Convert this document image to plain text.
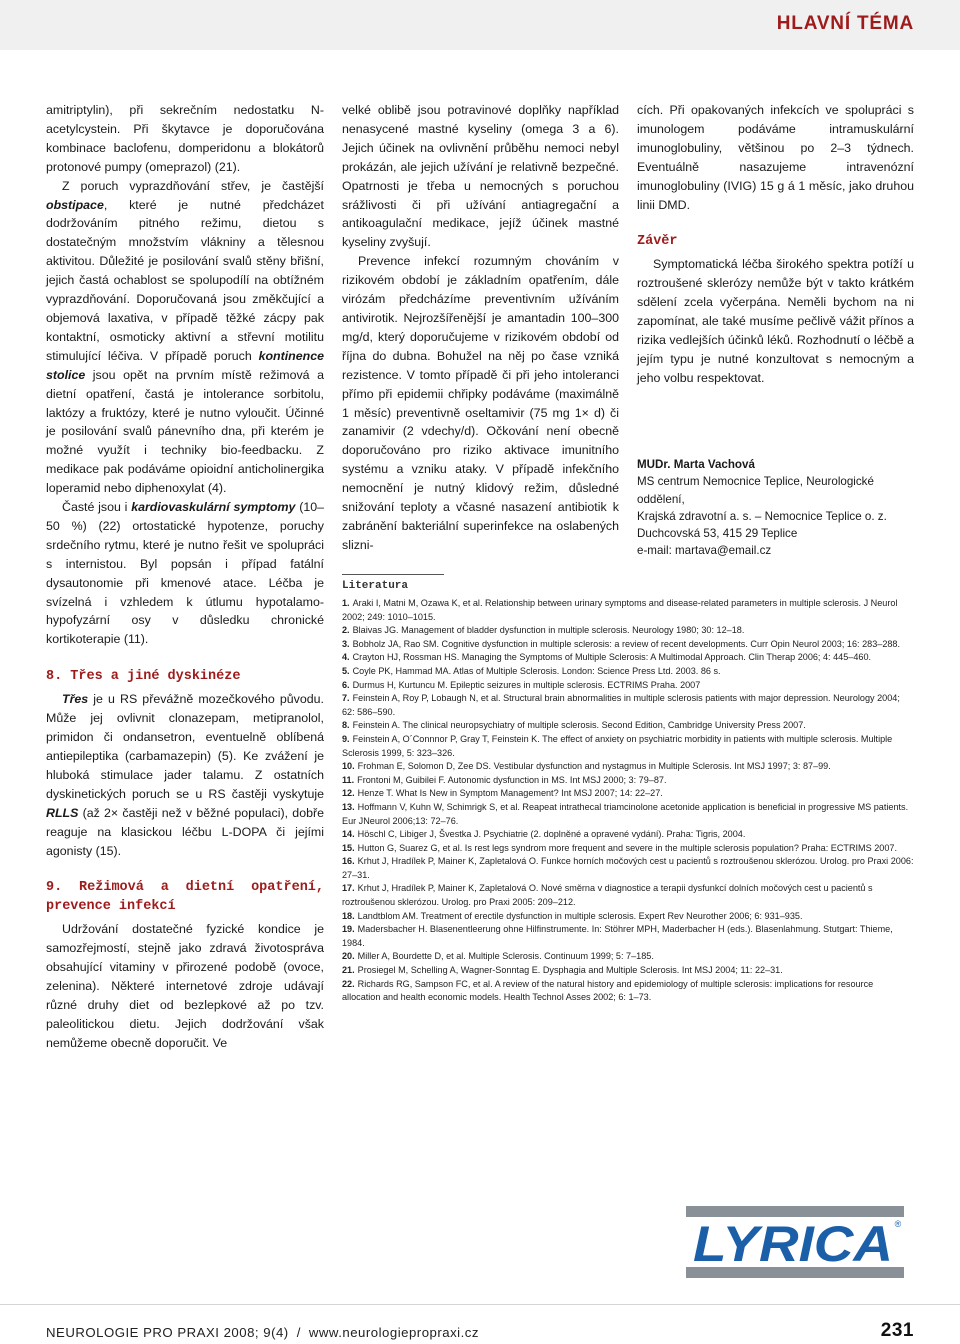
HLAVNÍ TÉMA

amitriptylin), při sekrečním nedostatku N-acetylcystein. Při škytavce je doporučována kombinace baclofenu, domperidonu a blokátorů protonové pumpy (omeprazol) (21).

Z poruch vyprazdňování střev, je častější obstipace, které je nutné předcházet dodržováním pitného režimu, dietou s dostatečným množstvím vlákniny a tělesnou aktivitou. Důležité je posilování svalů stěny břišní, jejich častá ochablost se spolupodílí na obtížném vyprazdňování. Doporučovaná jsou změkčující a objemová laxativa, v případě těžké zácpy pak kontaktní, osmoticky aktivní a střevní motilitu stimulující léčiva. V případě poruch kontinence stolice jsou opět na prvním místě režimová a dietní opatření, častá je intolerance sorbitolu, laktózy a fruktózy, které je nutno vyloučit. Účinné je posilování svalů pánevního dna, při kterém je možné využít i techniky bio-feedbacku. Z medikace pak podáváme opioidní anticholinergika loperamid nebo diphenoxylat (4).

Časté jsou i kardiovaskulární symptomy (10–50 %) (22) ortostatické hypotenze, poruchy srdečního rytmu, které je nutno řešit ve spolupráci s internistou. Byl popsán i případ fatální dysautonomie při kmenové atace. Léčba je svízelná i vzhledem k útlumu hypotalamo-hypofyzární osy v důsledku chronické kortikoterapie (11).

8. Třes a jiné dyskinéze

Třes je u RS převážně mozečkového původu. Může jej ovlivnit clonazepam, metipranolol, primidon či ondansetron, eventuelně oblíbená antiepileptika (carbamazepin) (5). Ke zvážení je hluboká stimulace jader talamu. Z ostatních dyskinetických poruch se u RS častěji vyskytuje RLLS (až 2× častěji než v běžné populaci), dobře reaguje na klasickou léčbu L-DOPA či jejími agonisty (15).

9. Režimová a dietní opatření, prevence infekcí

Udržování dostatečné fyzické kondice je samozřejmostí, stejně jako zdravá životospráva obsahující vitaminy v přirozené podobě (ovoce, zelenina). Některé internetové zdroje udávají různé druhy diet od bezlepkové až po tzv. paleolitickou dietu. Jejich dodržování však nemůžeme obecně doporučit. Ve

velké oblibě jsou potravinové doplňky například nenasycené mastné kyseliny (omega 3 a 6). Jejich účinek na ovlivnění průběhu nemoci nebyl prokázán, ale jejich užívání je relativně bezpečné. Opatrnosti je třeba u nemocných s poruchou srážlivosti či při užívání antiagregační a antikoagulační medikace, jejíž účinek mastné kyseliny zvyšují.

Prevence infekcí rozumným chováním v rizikovém období je základním opatřením, dále virózám předcházíme preventivním užíváním antivirotik. Nejrozšířenější je amantadin 100–300 mg/d, který doporučujeme v rizikovém období od října do dubna. Bohužel na něj po čase vzniká rezistence. V tomto případě či při jeho intoleranci přímo při epidemii chřipky podáváme (maximálně 1 měsíc) preventivně oseltamivir (75 mg 1× d) či zanamivir (2 vdechy/d). Očkování není obecně doporučováno pro riziko aktivace imunitního systému a vzniku ataky. V případě infekčního nemocnění je nutný klidový režim, důsledné snižování teploty a včasné nasazení antibiotik k zabránění bakteriální superinfekce na oslabených slizni-

cích. Při opakovaných infekcích ve spolupráci s imunologem podáváme intramuskulární imunoglobuliny, většinou po 2–3 týdnech. Eventuálně nasazujeme intravenózní imunoglobuliny (IVIG) 15 g á 1 měsíc, jako druhou linii DMD.

Závěr

Symptomatická léčba širokého spektra potíží u roztroušené sklerózy nemůže být v takto krátkém sdělení zcela vyčerpána. Neměli bychom na ni zapomínat, ale také musíme pečlivě vážit přínos a rizika vedlejších účinků léků. Rozhodnutí o léčbě a jejím typu je nutné konzultovat s nemocným a jeho volbu respektovat.

MUDr. Marta Vachová
MS centrum Nemocnice Teplice, Neurologické oddělení,
Krajská zdravotní a. s. – Nemocnice Teplice o. z.
Duchcovská 53, 415 29 Teplice
e-mail: martava@email.cz
Literatura
1. Araki I, Matni M, Ozawa K, et al. Relationship between urinary symptoms and disease-related parameters in multiple sclerosis. J Neurol 2002; 249: 1010–1015.
2. Blaivas JG. Management of bladder dysfunction in multiple sclerosis. Neurology 1980; 30: 12–18.
3. Bobholz JA, Rao SM. Cognitive dysfunction in multiple sclerosis: a review of recent developments. Curr Opin Neurol 2003; 16: 283–288.
4. Crayton HJ, Rossman HS. Managing the Symptoms of Multiple Sclerosis: A Multimodal Approach. Clin Therap 2006; 4: 445–460.
5. Coyle PK, Hammad MA. Atlas of Multiple Sclerosis. London: Science Press Ltd. 2003. 86 s.
6. Durmus H, Kurtuncu M. Epileptic seizures in multiple sclerosis. ECTRIMS Praha. 2007
7. Feinstein A, Roy P, Lobaugh N, et al. Structural brain abnormalities in multiple sclerosis patients with major depression. Neurology 2004; 62: 586–590.
8. Feinstein A. The clinical neuropsychiatry of multiple sclerosis. Second Edition, Cambridge University Press 2007.
9. Feinstein A, O´Connnor P, Gray T, Feinstein K. The effect of anxiety on psychiatric morbidity in patients with multiple sclerosis. Multiple Sclerosis 1999, 5: 323–326.
10. Frohman E, Solomon D, Zee DS. Vestibular dysfunction and nystagmus in Multiple Sclerosis. Int MSJ 1997; 3: 87–99.
11. Frontoni M, Guibilei F. Autonomic dysfunction in MS. Int MSJ 2000; 3: 79–87.
12. Henze T. What Is New in Symptom Management? Int MSJ 2007; 14: 22–27.
13. Hoffmann V, Kuhn W, Schimrigk S, et al. Reapeat intrathecal triamcinolone acetonide application is beneficial in progressive MS patients. Eur JNeurol 2006;13: 72–76.
14. Höschl C, Libiger J, Švestka J. Psychiatrie (2. doplněné a opravené vydání). Praha: Tigris, 2004.
15. Hutton G, Suarez G, et al. Is rest legs syndrom more frequent and severe in the multiple sclerosis population? Praha: ECTRIMS 2007.
16. Krhut J, Hradílek P, Mainer K, Zapletalová O. Funkce horních močových cest u pacientů s roztroušenou sklerózou. Urolog. pro Praxi 2006: 27–31.
17. Krhut J, Hradílek P, Mainer K, Zapletalová O. Nové směrna v diagnostice a terapii dysfunkcí dolních močových cest u pacientů s roztroušenou sklerózou. Urolog. pro Praxi 2005: 209–212.
18. Landtblom AM. Treatment of erectile dysfunction in multiple sclerosis. Expert Rev Neurother 2006; 6: 931–935.
19. Madersbacher H. Blasenentleerung ohne Hilfinstrumente. In: Stöhrer MPH, Maderbacher H (eds.). Blasenlahmung. Stutgart: Thieme, 1984.
20. Miller A, Bourdette D, et al. Multiple Sclerosis. Continuum 1999; 5: 7–185.
21. Prosiegel M, Schelling A, Wagner-Sonntag E. Dysphagia and Multiple Sclerosis. Int MSJ 2004; 11: 22–31.
22. Richards RG, Sampson FC, et al. A review of the natural history and epidemiology of multiple sclerosis: implications for resource allocation and health economic models. Health Technol Asses 2002; 6: 1–73.
LYRICA ®
NEUROLOGIE PRO PRAXI 2008; 9(4) / www.neurologiepropraxi.cz	231
